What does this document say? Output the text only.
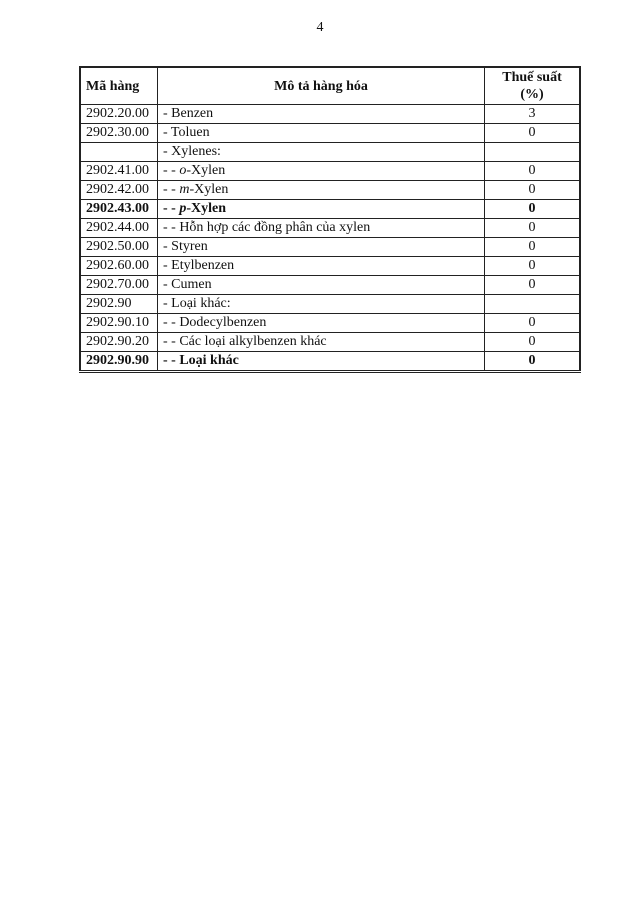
4
Mã hàng	Mô tả hàng hóa	Thuế suất
(%)

2902.20.00	- Benzen	3
2902.30.00	- Toluen	0
	- Xylenes:	
2902.41.00	- - o-Xylen	0
2902.42.00	- - m-Xylen	0
2902.43.00	- - p-Xylen	0
2902.44.00	- - Hỗn hợp các đồng phân của xylen	0
2902.50.00	- Styren	0
2902.60.00	- Etylbenzen	0
2902.70.00	- Cumen	0
2902.90	- Loại khác:	
2902.90.10	- - Dodecylbenzen	0
2902.90.20	- - Các loại alkylbenzen khác	0
2902.90.90	- - Loại khác	0
